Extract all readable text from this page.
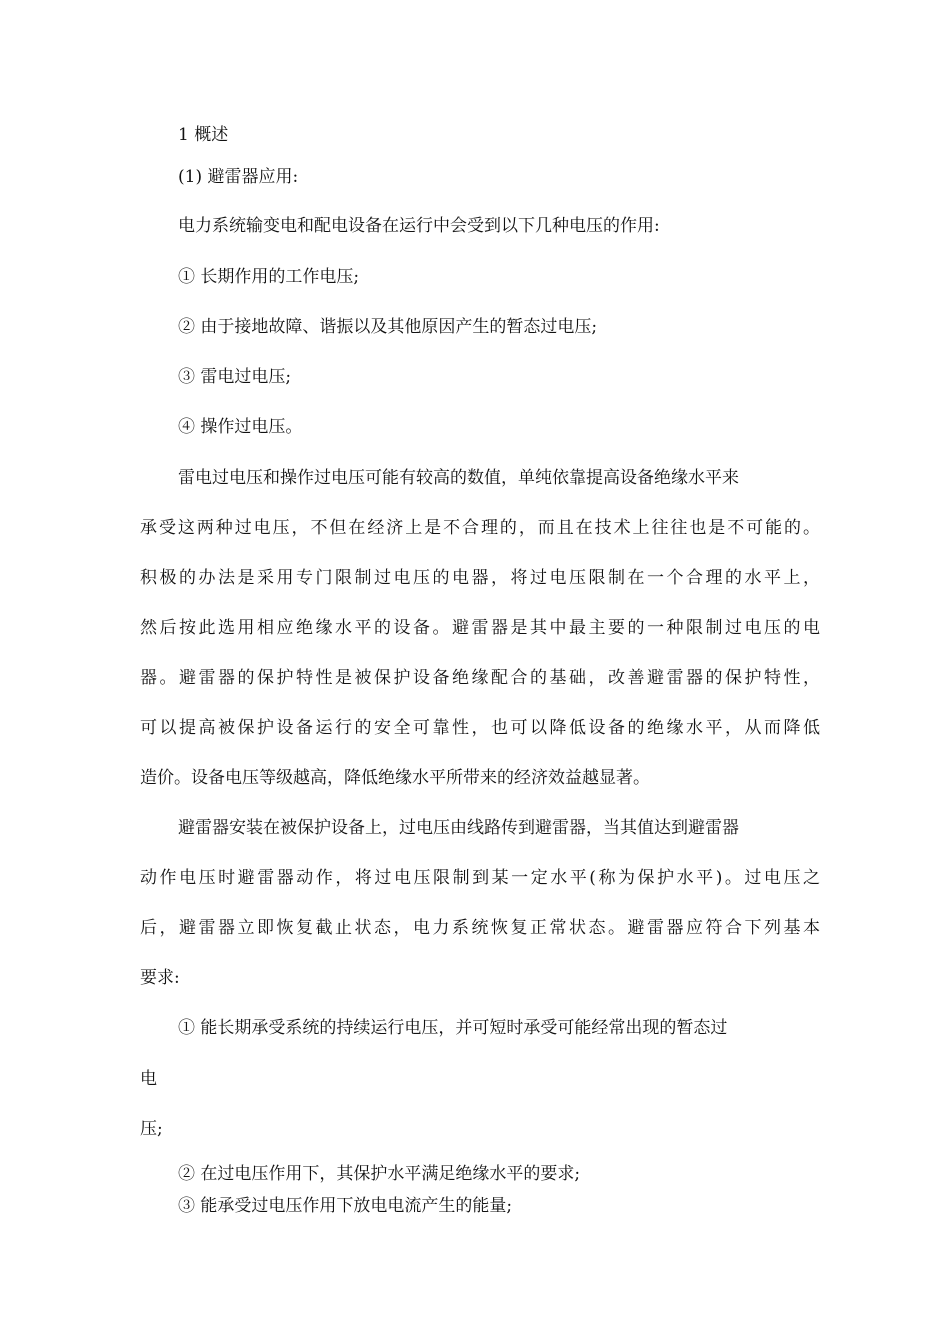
1 概述

(1) 避雷器应用:

电力系统输变电和配电设备在运行中会受到以下几种电压的作用:

① 长期作用的工作电压;

② 由于接地故障、谐振以及其他原因产生的暂态过电压;

③ 雷电过电压;

④ 操作过电压。

雷电过电压和操作过电压可能有较高的数值，单纯依靠提高设备绝缘水平来

承受这两种过电压，不但在经济上是不合理的，而且在技术上往往也是不可能的。

积极的办法是采用专门限制过电压的电器，将过电压限制在一个合理的水平上，

然后按此选用相应绝缘水平的设备。避雷器是其中最主要的一种限制过电压的电

器。避雷器的保护特性是被保护设备绝缘配合的基础，改善避雷器的保护特性，

可以提高被保护设备运行的安全可靠性，也可以降低设备的绝缘水平，从而降低

造价。设备电压等级越高，降低绝缘水平所带来的经济效益越显著。

避雷器安装在被保护设备上，过电压由线路传到避雷器，当其值达到避雷器

动作电压时避雷器动作，将过电压限制到某一定水平(称为保护水平)。过电压之

后，避雷器立即恢复截止状态，电力系统恢复正常状态。避雷器应符合下列基本

要求:

① 能长期承受系统的持续运行电压，并可短时承受可能经常出现的暂态过

电

压;

② 在过电压作用下，其保护水平满足绝缘水平的要求;

③ 能承受过电压作用下放电电流产生的能量;
